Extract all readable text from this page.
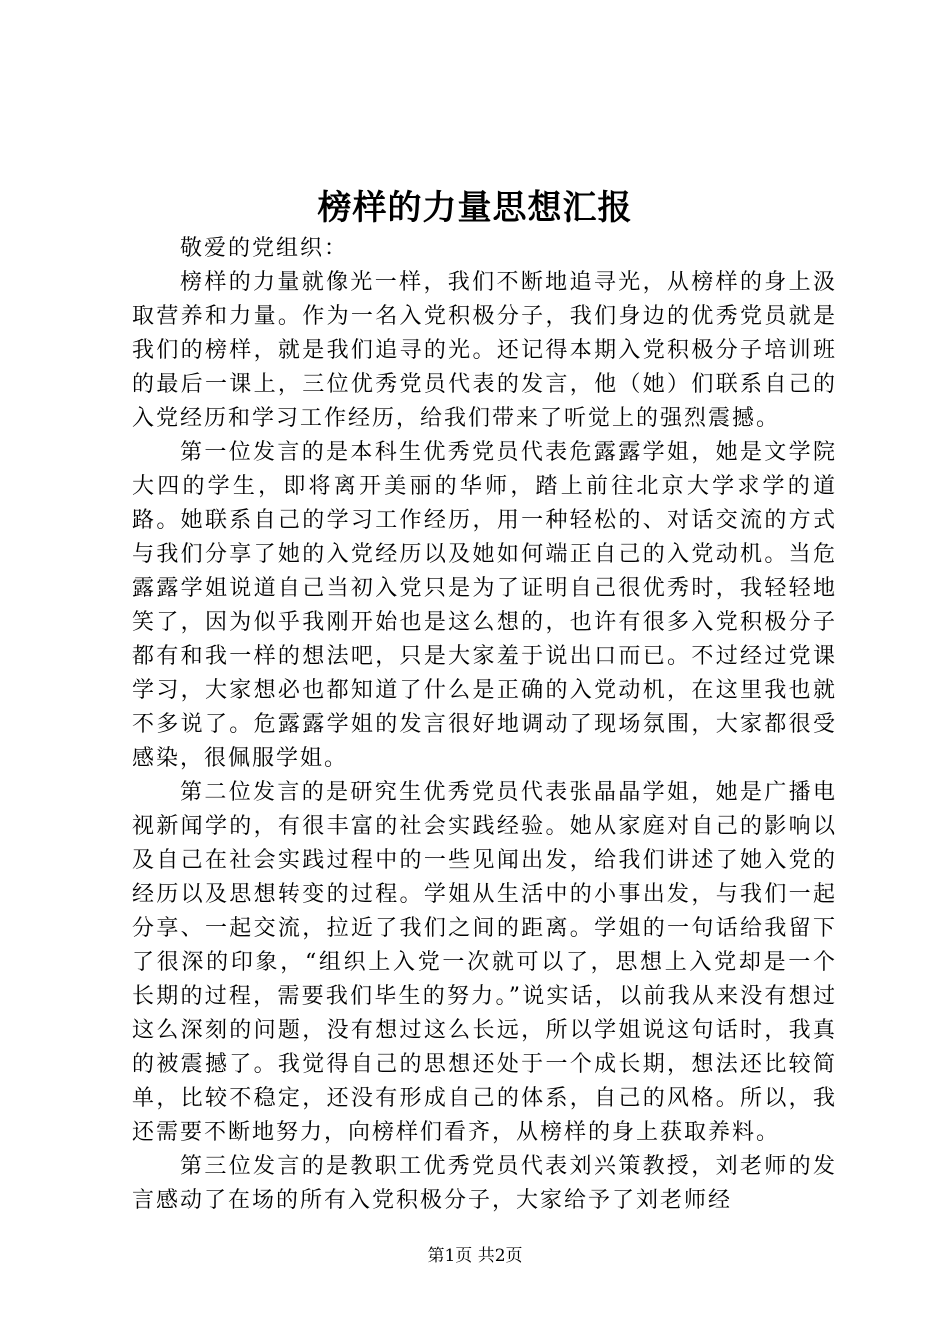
榜样的力量思想汇报

敬爱的党组织：

榜样的力量就像光一样，我们不断地追寻光，从榜样的身上汲取营养和力量。作为一名入党积极分子，我们身边的优秀党员就是我们的榜样，就是我们追寻的光。还记得本期入党积极分子培训班的最后一课上，三位优秀党员代表的发言，他（她）们联系自己的入党经历和学习工作经历，给我们带来了听觉上的强烈震撼。

第一位发言的是本科生优秀党员代表危露露学姐，她是文学院大四的学生，即将离开美丽的华师，踏上前往北京大学求学的道路。她联系自己的学习工作经历，用一种轻松的、对话交流的方式与我们分享了她的入党经历以及她如何端正自己的入党动机。当危露露学姐说道自己当初入党只是为了证明自己很优秀时，我轻轻地笑了，因为似乎我刚开始也是这么想的，也许有很多入党积极分子都有和我一样的想法吧，只是大家羞于说出口而已。不过经过党课学习，大家想必也都知道了什么是正确的入党动机，在这里我也就不多说了。危露露学姐的发言很好地调动了现场氛围，大家都很受感染，很佩服学姐。

第二位发言的是研究生优秀党员代表张晶晶学姐，她是广播电视新闻学的，有很丰富的社会实践经验。她从家庭对自己的影响以及自己在社会实践过程中的一些见闻出发，给我们讲述了她入党的经历以及思想转变的过程。学姐从生活中的小事出发，与我们一起分享、一起交流，拉近了我们之间的距离。学姐的一句话给我留下了很深的印象，“组织上入党一次就可以了，思想上入党却是一个长期的过程，需要我们毕生的努力。”说实话，以前我从来没有想过这么深刻的问题，没有想过这么长远，所以学姐说这句话时，我真的被震撼了。我觉得自己的思想还处于一个成长期，想法还比较简单，比较不稳定，还没有形成自己的体系，自己的风格。所以，我还需要不断地努力，向榜样们看齐，从榜样的身上获取养料。

第三位发言的是教职工优秀党员代表刘兴策教授，刘老师的发言感动了在场的所有入党积极分子，大家给予了刘老师经

第1页 共2页
